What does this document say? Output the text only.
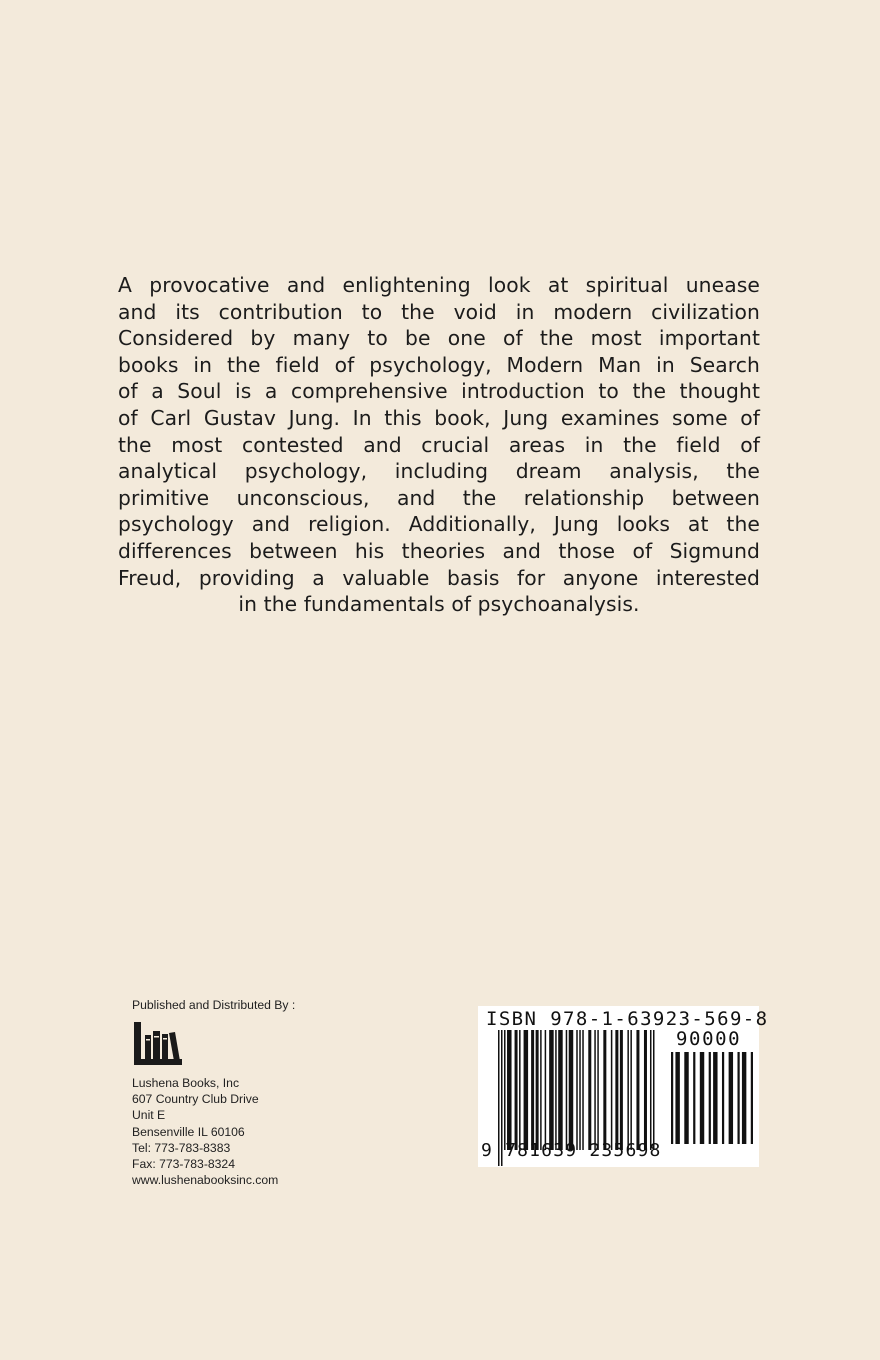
A provocative and enlightening look at spiritual unease
and its contribution to the void in modern civilization
Considered by many to be one of the most important
books in the field of psychology, Modern Man in Search
of a Soul is a comprehensive introduction to the thought
of Carl Gustav Jung. In this book, Jung examines some of
the most contested and crucial areas in the field of
analytical psychology, including dream analysis, the
primitive unconscious, and the relationship between
psychology and religion. Additionally, Jung looks at the
differences between his theories and those of Sigmund
Freud, providing a valuable basis for anyone interested
in the fundamentals of psychoanalysis.

Published and Distributed By :

Lushena Books, Inc
607 Country Club Drive
Unit E
Bensenville IL 60106
Tel: 773-783-8383
Fax: 773-783-8324
www.lushenabooksinc.com

ISBN 978-1-63923-569-8
90000
9 781639 235698
